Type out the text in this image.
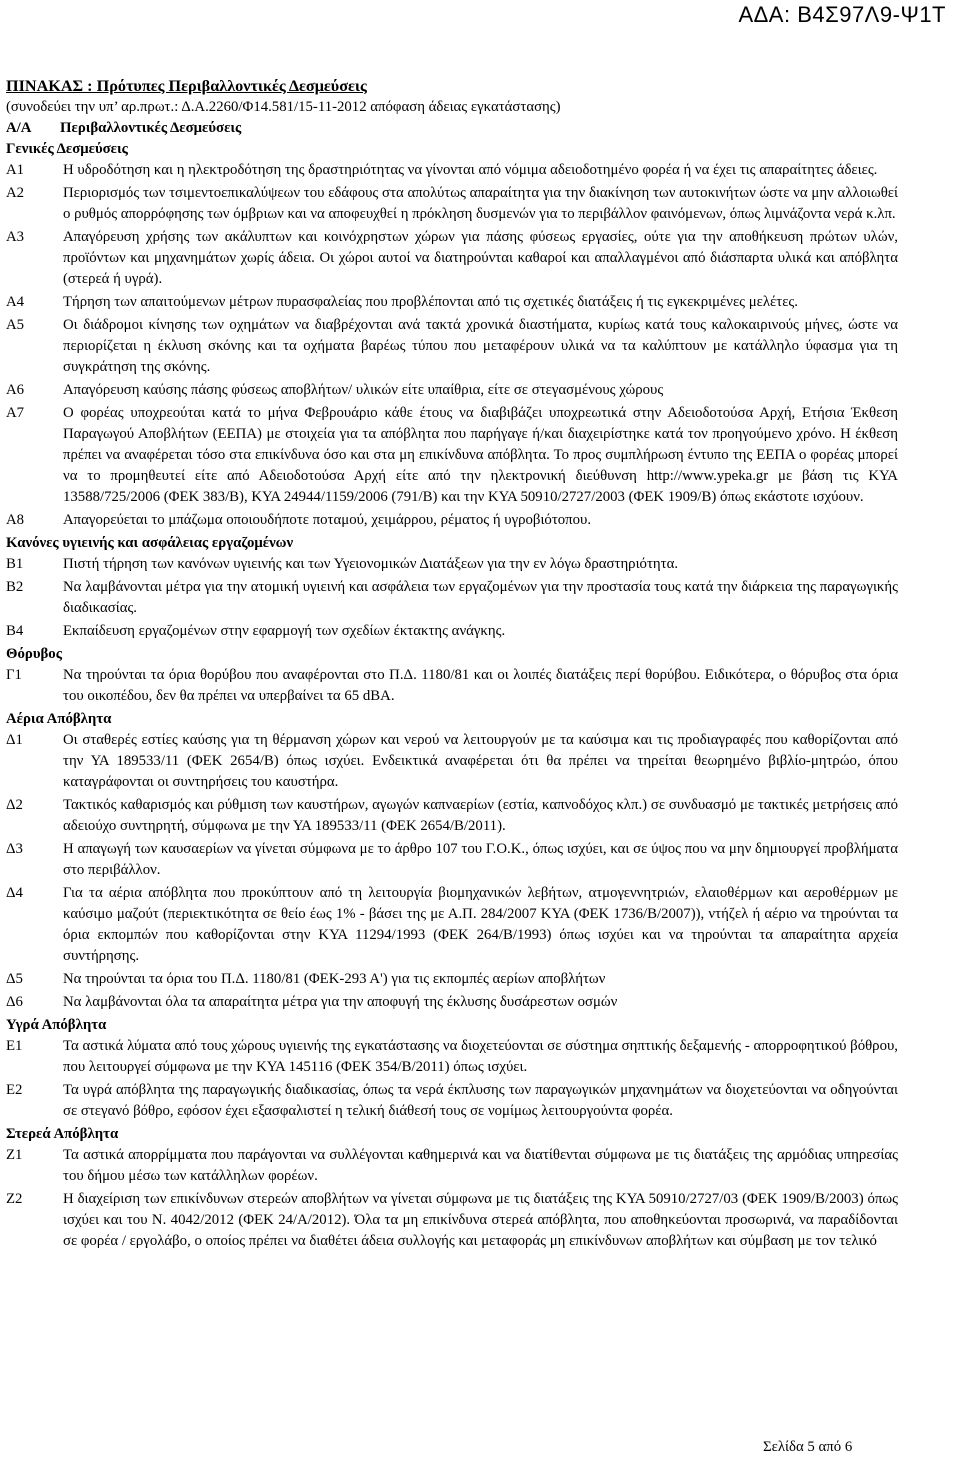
ΑΔΑ: Β4Σ97Λ9-Ψ1Τ
ΠΙΝΑΚΑΣ : Πρότυπες Περιβαλλοντικές Δεσμεύσεις
(συνοδεύει την υπ’ αρ.πρωτ.: Δ.Α.2260/Φ14.581/15-11-2012 απόφαση άδειας εγκατάστασης)
Α/Α	Περιβαλλοντικές Δεσμεύσεις
Γενικές Δεσμεύσεις
Α1	Η υδροδότηση και η ηλεκτροδότηση της δραστηριότητας να γίνονται από νόμιμα αδειοδοτημένο φορέα ή να έχει τις απαραίτητες άδειες.
Α2	Περιορισμός των τσιμεντοεπικαλύψεων του εδάφους στα απολύτως απαραίτητα για την διακίνηση των αυτοκινήτων ώστε να μην αλλοιωθεί ο ρυθμός απορρόφησης των όμβριων και να αποφευχθεί η πρόκληση δυσμενών για το περιβάλλον φαινόμενων, όπως λιμνάζοντα νερά κ.λπ.
Α3	Απαγόρευση χρήσης των ακάλυπτων και κοινόχρηστων χώρων για πάσης φύσεως εργασίες, ούτε για την αποθήκευση πρώτων υλών, προϊόντων και μηχανημάτων χωρίς άδεια. Οι χώροι αυτοί να διατηρούνται καθαροί και απαλλαγμένοι από διάσπαρτα υλικά και απόβλητα (στερεά ή υγρά).
Α4	Τήρηση των απαιτούμενων μέτρων πυρασφαλείας που προβλέπονται από τις σχετικές διατάξεις ή τις εγκεκριμένες μελέτες.
Α5	Οι διάδρομοι κίνησης των οχημάτων να διαβρέχονται ανά τακτά χρονικά διαστήματα, κυρίως κατά τους καλοκαιρινούς μήνες, ώστε να περιορίζεται η έκλυση σκόνης και τα οχήματα βαρέως τύπου που μεταφέρουν υλικά να τα καλύπτουν με κατάλληλο ύφασμα για τη συγκράτηση της σκόνης.
Α6	Απαγόρευση καύσης πάσης φύσεως αποβλήτων/ υλικών είτε υπαίθρια, είτε σε στεγασμένους χώρους
Α7	Ο φορέας υποχρεούται κατά το μήνα Φεβρουάριο κάθε έτους να διαβιβάζει υποχρεωτικά στην Αδειοδοτούσα Αρχή, Ετήσια Έκθεση Παραγωγού Αποβλήτων (ΕΕΠΑ) με στοιχεία για τα απόβλητα που παρήγαγε ή/και διαχειρίστηκε κατά τον προηγούμενο χρόνο. Η έκθεση πρέπει να αναφέρεται τόσο στα επικίνδυνα όσο και στα μη επικίνδυνα απόβλητα. Το προς συμπλήρωση έντυπο της ΕΕΠΑ ο φορέας μπορεί να το προμηθευτεί είτε από Αδειοδοτούσα Αρχή είτε από την ηλεκτρονική διεύθυνση http://www.ypeka.gr με βάση τις ΚΥΑ 13588/725/2006 (ΦΕΚ 383/Β), ΚΥΑ 24944/1159/2006 (791/Β) και την ΚΥΑ 50910/2727/2003 (ΦΕΚ 1909/Β) όπως εκάστοτε ισχύουν.
Α8	Απαγορεύεται το μπάζωμα οποιουδήποτε ποταμού, χειμάρρου, ρέματος ή υγροβιότοπου.
Κανόνες υγιεινής και ασφάλειας εργαζομένων
Β1	Πιστή τήρηση των κανόνων υγιεινής και των Υγειονομικών Διατάξεων για την εν λόγω δραστηριότητα.
Β2	Να λαμβάνονται μέτρα για την ατομική υγιεινή και ασφάλεια των εργαζομένων για την προστασία τους κατά την διάρκεια της παραγωγικής διαδικασίας.
Β4	Εκπαίδευση εργαζομένων στην εφαρμογή των σχεδίων έκτακτης ανάγκης.
Θόρυβος
Γ1	Να τηρούνται τα όρια θορύβου που αναφέρονται στο Π.Δ. 1180/81 και οι λοιπές διατάξεις περί θορύβου. Ειδικότερα, ο θόρυβος στα όρια του οικοπέδου, δεν θα πρέπει να υπερβαίνει τα 65 dBA.
Αέρια Απόβλητα
Δ1	Οι σταθερές εστίες καύσης για τη θέρμανση χώρων και νερού να λειτουργούν με τα καύσιμα και τις προδιαγραφές που καθορίζονται από την ΥΑ 189533/11 (ΦΕΚ 2654/Β) όπως ισχύει. Ενδεικτικά αναφέρεται ότι θα πρέπει να τηρείται θεωρημένο βιβλίο-μητρώο, όπου καταγράφονται οι συντηρήσεις του καυστήρα.
Δ2	Τακτικός καθαρισμός και ρύθμιση των καυστήρων, αγωγών καπναερίων (εστία, καπνοδόχος κλπ.) σε συνδυασμό με τακτικές μετρήσεις από αδειούχο συντηρητή, σύμφωνα με την ΥΑ 189533/11 (ΦΕΚ 2654/Β/2011).
Δ3	Η απαγωγή των καυσαερίων να γίνεται σύμφωνα με το άρθρο 107 του Γ.Ο.Κ., όπως ισχύει, και σε ύψος που να μην δημιουργεί προβλήματα στο περιβάλλον.
Δ4	Για τα αέρια απόβλητα που προκύπτουν από τη λειτουργία βιομηχανικών λεβήτων, ατμογεννητριών, ελαιοθέρμων και αεροθέρμων με καύσιμο μαζούτ (περιεκτικότητα σε θείο έως 1% - βάσει της με Α.Π. 284/2007 ΚΥΑ (ΦΕΚ 1736/Β/2007)), ντήζελ ή αέριο να τηρούνται τα όρια εκπομπών που καθορίζονται στην ΚΥΑ 11294/1993 (ΦΕΚ 264/Β/1993) όπως ισχύει και να τηρούνται τα απαραίτητα αρχεία συντήρησης.
Δ5	Να τηρούνται τα όρια του Π.Δ. 1180/81 (ΦΕΚ-293 Α') για τις εκπομπές αερίων αποβλήτων
Δ6	Να λαμβάνονται όλα τα απαραίτητα μέτρα για την αποφυγή της έκλυσης δυσάρεστων οσμών
Υγρά Απόβλητα
Ε1	Τα αστικά λύματα από τους χώρους υγιεινής της εγκατάστασης να διοχετεύονται σε σύστημα σηπτικής δεξαμενής - απορροφητικού βόθρου, που λειτουργεί σύμφωνα με την ΚΥΑ 145116 (ΦΕΚ 354/Β/2011) όπως ισχύει.
Ε2	Τα υγρά απόβλητα της παραγωγικής διαδικασίας, όπως τα νερά έκπλυσης των παραγωγικών μηχανημάτων να διοχετεύονται να οδηγούνται σε στεγανό βόθρο, εφόσον έχει εξασφαλιστεί η τελική διάθεσή τους σε νομίμως λειτουργούντα φορέα.
Στερεά Απόβλητα
Ζ1	Τα αστικά απορρίμματα που παράγονται να συλλέγονται καθημερινά και να διατίθενται σύμφωνα με τις διατάξεις της αρμόδιας υπηρεσίας του δήμου μέσω των κατάλληλων φορέων.
Ζ2	Η διαχείριση των επικίνδυνων στερεών αποβλήτων να γίνεται σύμφωνα με τις διατάξεις της ΚΥΑ 50910/2727/03 (ΦΕΚ 1909/Β/2003) όπως ισχύει και του Ν. 4042/2012 (ΦΕΚ 24/Α/2012). Όλα τα μη επικίνδυνα στερεά απόβλητα, που αποθηκεύονται προσωρινά, να παραδίδονται σε φορέα / εργολάβο, ο οποίος πρέπει να διαθέτει άδεια συλλογής και μεταφοράς μη επικίνδυνων αποβλήτων και σύμβαση με τον τελικό
Σελίδα 5 από 6
